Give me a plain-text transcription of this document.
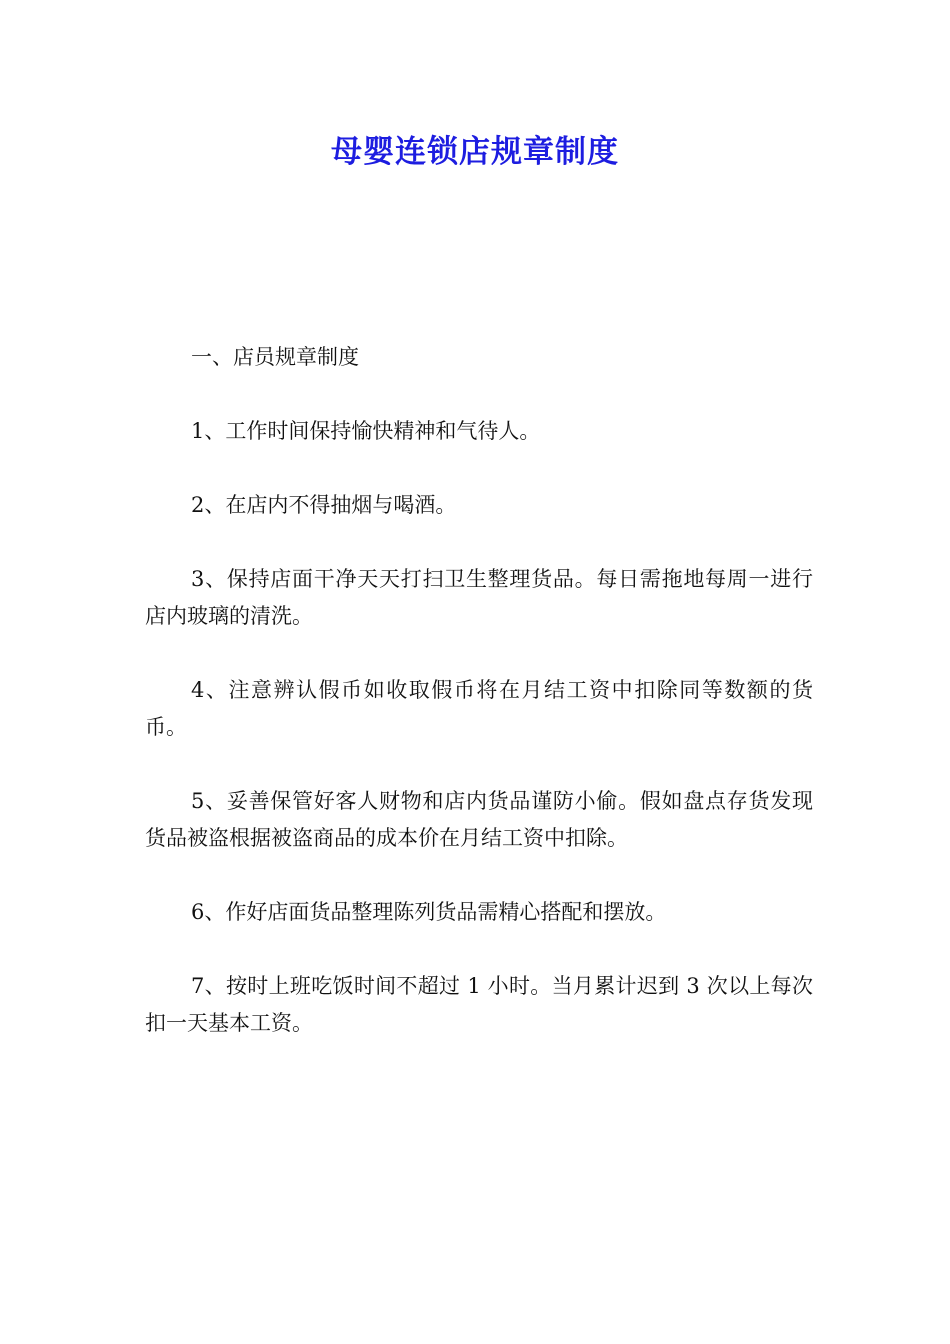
母婴连锁店规章制度

一、店员规章制度

1、工作时间保持愉快精神和气待人。

2、在店内不得抽烟与喝酒。

3、保持店面干净天天打扫卫生整理货品。每日需拖地每周一进行店内玻璃的清洗。

4、注意辨认假币如收取假币将在月结工资中扣除同等数额的货币。

5、妥善保管好客人财物和店内货品谨防小偷。假如盘点存货发现货品被盗根据被盗商品的成本价在月结工资中扣除。

6、作好店面货品整理陈列货品需精心搭配和摆放。

7、按时上班吃饭时间不超过 1 小时。当月累计迟到 3 次以上每次扣一天基本工资。
